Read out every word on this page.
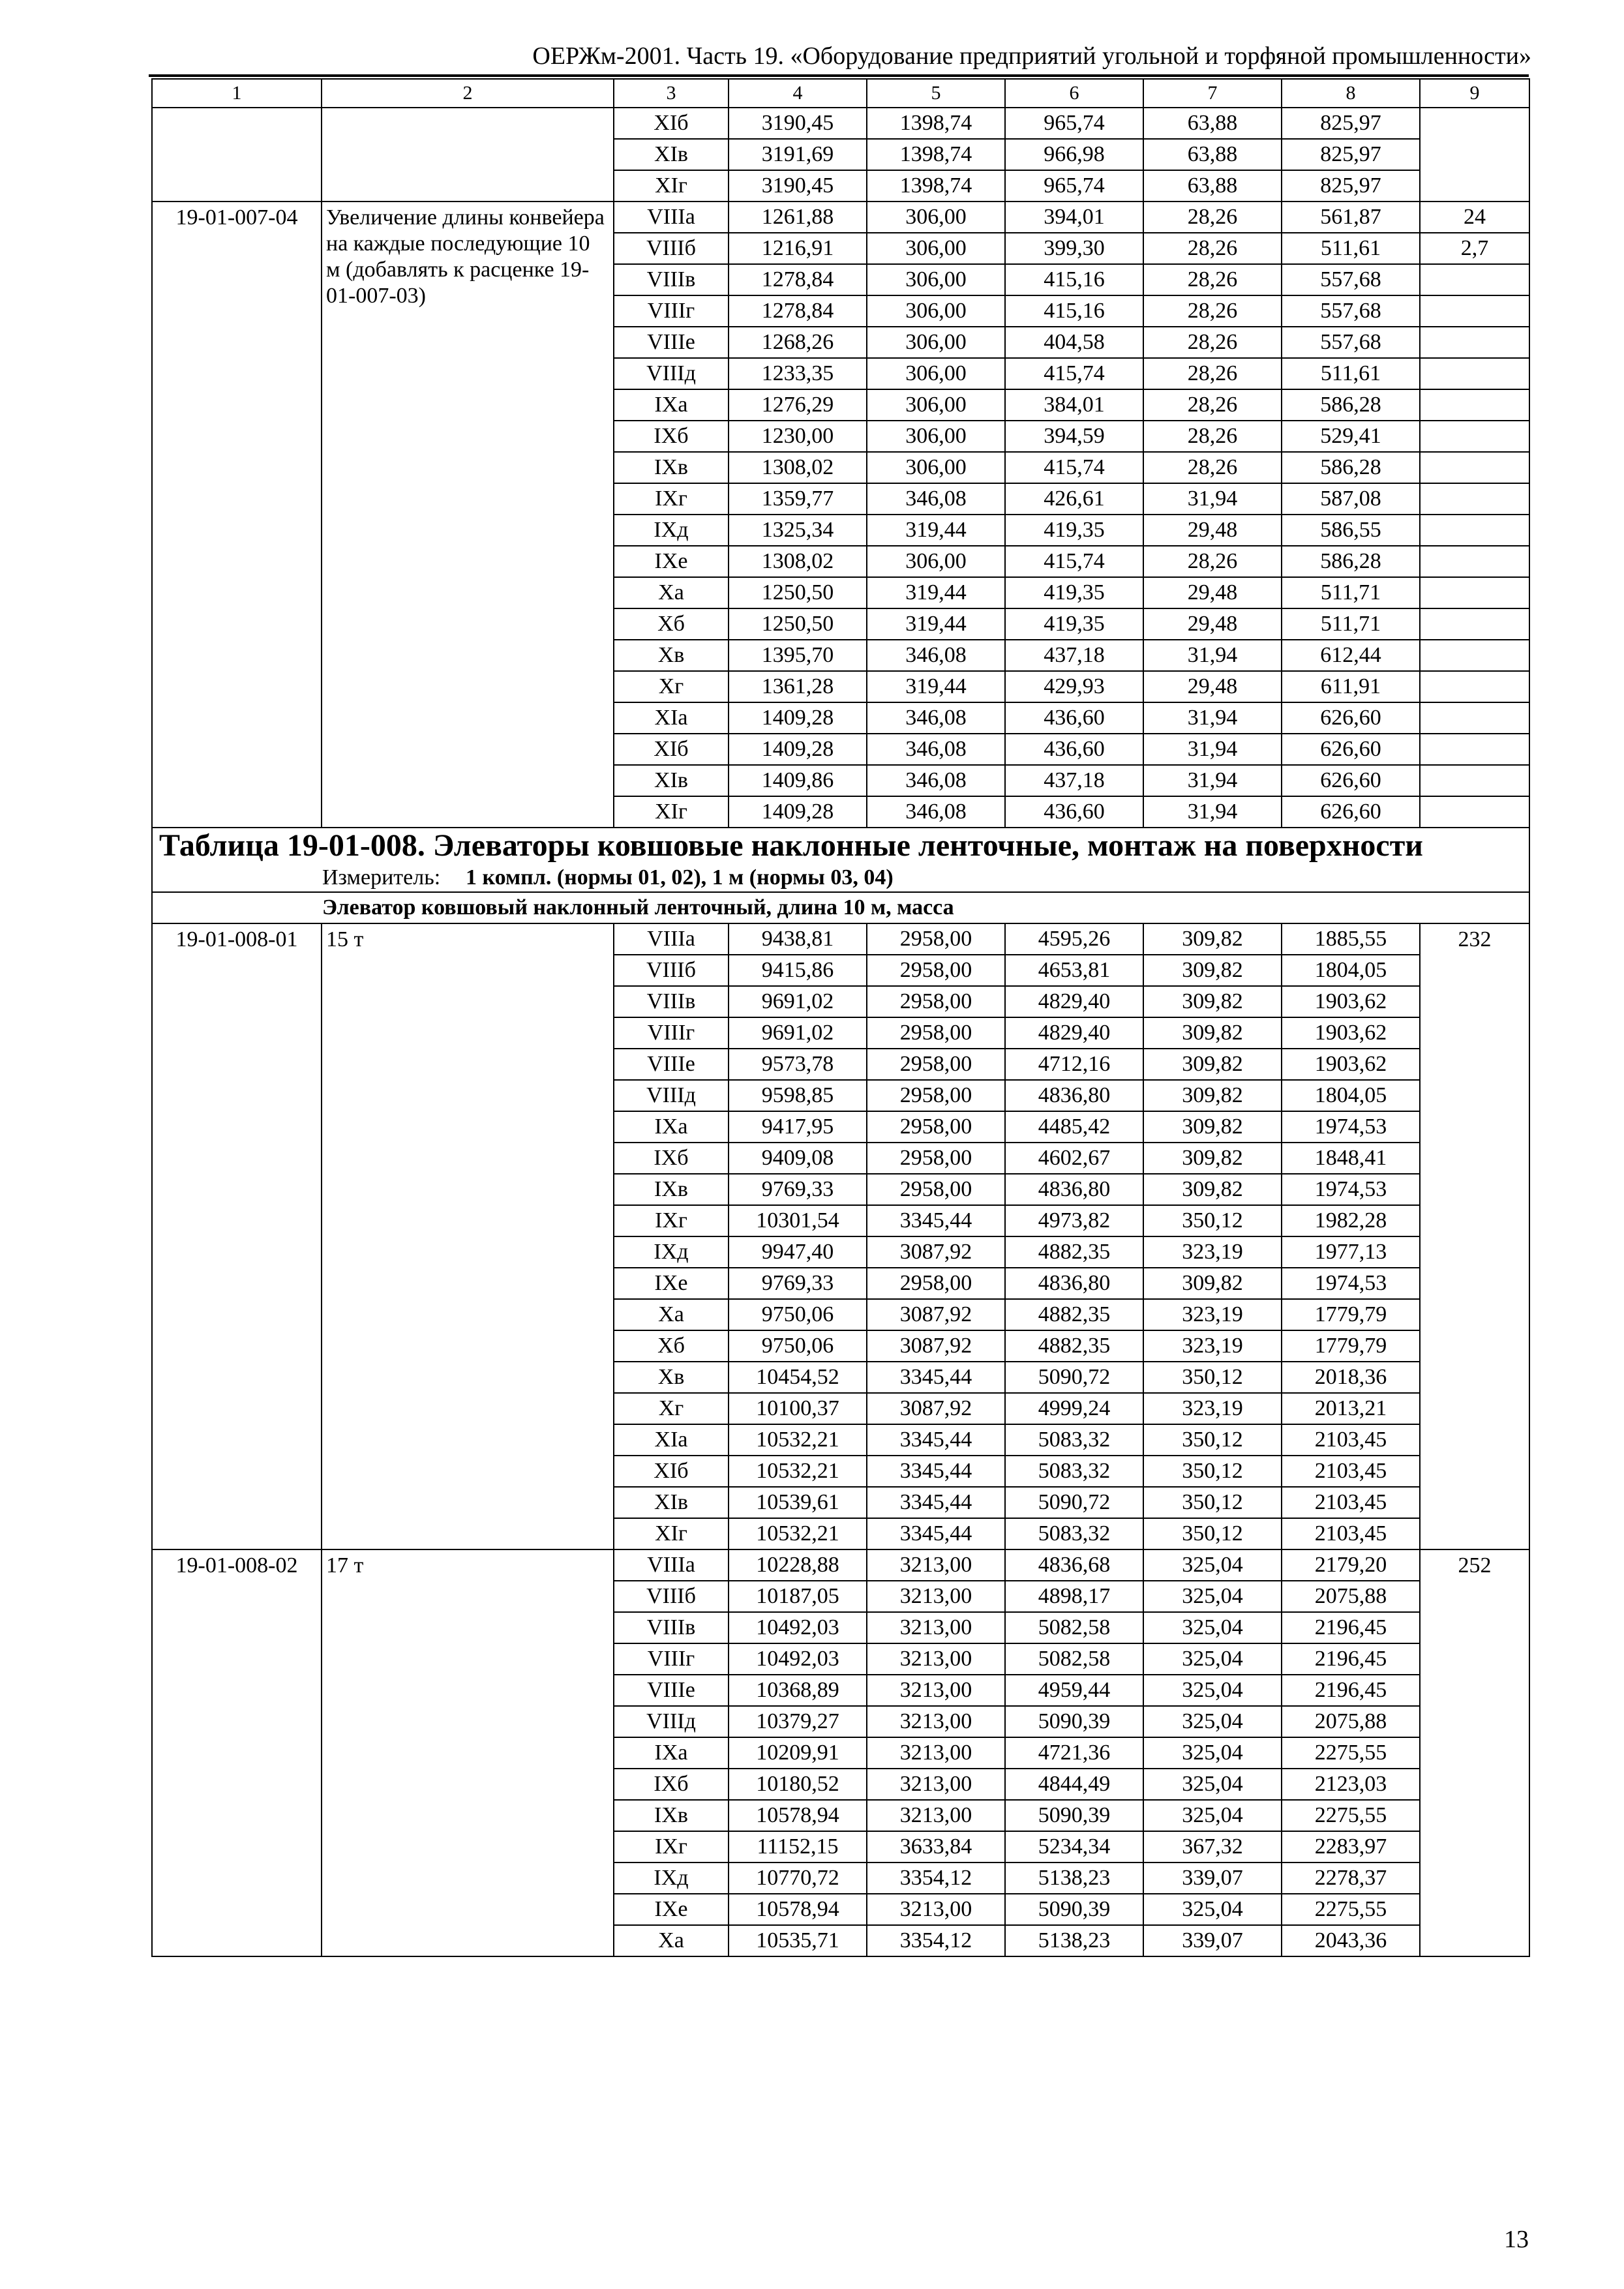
ОЕРЖм-2001. Часть 19. «Оборудование предприятий угольной и торфяной промышленности»
1	2	3	4	5	6	7	8	9
		XIб	3190,45	1398,74	965,74	63,88	825,97	
		XIв	3191,69	1398,74	966,98	63,88	825,97	
		XIг	3190,45	1398,74	965,74	63,88	825,97	
19-01-007-04	Увеличение длины конвейера на каждые последующие 10 м (добавлять к расценке 19-01-007-03)	VIIIа	1261,88	306,00	394,01	28,26	561,87	24
		VIIIб	1216,91	306,00	399,30	28,26	511,61	2,7
		VIIIв	1278,84	306,00	415,16	28,26	557,68	
		VIIIг	1278,84	306,00	415,16	28,26	557,68	
		VIIIе	1268,26	306,00	404,58	28,26	557,68	
		VIIIд	1233,35	306,00	415,74	28,26	511,61	
		IXа	1276,29	306,00	384,01	28,26	586,28	
		IXб	1230,00	306,00	394,59	28,26	529,41	
		IXв	1308,02	306,00	415,74	28,26	586,28	
		IXг	1359,77	346,08	426,61	31,94	587,08	
		IXд	1325,34	319,44	419,35	29,48	586,55	
		IXе	1308,02	306,00	415,74	28,26	586,28	
		Xа	1250,50	319,44	419,35	29,48	511,71	
		Xб	1250,50	319,44	419,35	29,48	511,71	
		Xв	1395,70	346,08	437,18	31,94	612,44	
		Xг	1361,28	319,44	429,93	29,48	611,91	
		XIа	1409,28	346,08	436,60	31,94	626,60	
		XIб	1409,28	346,08	436,60	31,94	626,60	
		XIв	1409,86	346,08	437,18	31,94	626,60	
		XIг	1409,28	346,08	436,60	31,94	626,60	
Таблица 19-01-008. Элеваторы ковшовые наклонные ленточные, монтаж на поверхности								
Измеритель: 1 компл. (нормы 01, 02), 1 м (нормы 03, 04)								
Элеватор ковшовый наклонный ленточный, длина 10 м, масса								
19-01-008-01	15 т	VIIIа	9438,81	2958,00	4595,26	309,82	1885,55	232
		VIIIб	9415,86	2958,00	4653,81	309,82	1804,05	
		VIIIв	9691,02	2958,00	4829,40	309,82	1903,62	
		VIIIг	9691,02	2958,00	4829,40	309,82	1903,62	
		VIIIе	9573,78	2958,00	4712,16	309,82	1903,62	
		VIIIд	9598,85	2958,00	4836,80	309,82	1804,05	
		IXа	9417,95	2958,00	4485,42	309,82	1974,53	
		IXб	9409,08	2958,00	4602,67	309,82	1848,41	
		IXв	9769,33	2958,00	4836,80	309,82	1974,53	
		IXг	10301,54	3345,44	4973,82	350,12	1982,28	
		IXд	9947,40	3087,92	4882,35	323,19	1977,13	
		IXе	9769,33	2958,00	4836,80	309,82	1974,53	
		Xа	9750,06	3087,92	4882,35	323,19	1779,79	
		Xб	9750,06	3087,92	4882,35	323,19	1779,79	
		Xв	10454,52	3345,44	5090,72	350,12	2018,36	
		Xг	10100,37	3087,92	4999,24	323,19	2013,21	
		XIа	10532,21	3345,44	5083,32	350,12	2103,45	
		XIб	10532,21	3345,44	5083,32	350,12	2103,45	
		XIв	10539,61	3345,44	5090,72	350,12	2103,45	
		XIг	10532,21	3345,44	5083,32	350,12	2103,45	
19-01-008-02	17 т	VIIIа	10228,88	3213,00	4836,68	325,04	2179,20	252
		VIIIб	10187,05	3213,00	4898,17	325,04	2075,88	
		VIIIв	10492,03	3213,00	5082,58	325,04	2196,45	
		VIIIг	10492,03	3213,00	5082,58	325,04	2196,45	
		VIIIе	10368,89	3213,00	4959,44	325,04	2196,45	
		VIIIд	10379,27	3213,00	5090,39	325,04	2075,88	
		IXа	10209,91	3213,00	4721,36	325,04	2275,55	
		IXб	10180,52	3213,00	4844,49	325,04	2123,03	
		IXв	10578,94	3213,00	5090,39	325,04	2275,55	
		IXг	11152,15	3633,84	5234,34	367,32	2283,97	
		IXд	10770,72	3354,12	5138,23	339,07	2278,37	
		IXе	10578,94	3213,00	5090,39	325,04	2275,55	
		Xа	10535,71	3354,12	5138,23	339,07	2043,36	
13
